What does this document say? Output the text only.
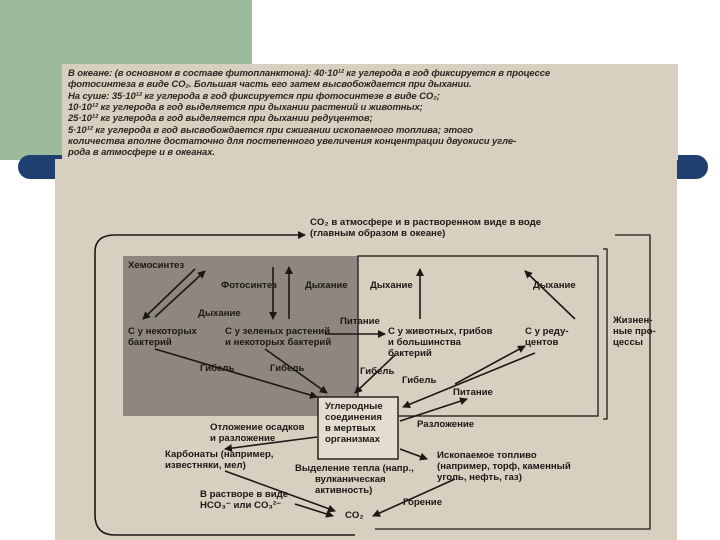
В океане: (в основном в составе фитопланктона): 40·10¹² кг углерода в год фиксируется в процессе
фотосинтеза в виде CO₂. Большая часть его затем высвобождается при дыхании.
На суше: 35·10¹² кг углерода в год фиксируется при фотосинтезе в виде CO₂;
10·10¹² кг углерода в год выделяется при дыхании растений и животных;
25·10¹² кг углерода в год выделяется при дыхании редуцентов;
5·10¹² кг углерода в год высвобождается при сжигании ископаемого топлива; этого
количества вполне достаточно для постепенного увеличения концентрации двуокиси угле-
рода в атмосфере и в океанах.
CO₂ в атмосфере и в растворенном виде в воде
(главным образом в океане)
Хемосинтез
Фотосинтез	Дыхание Дыхание	Дыхание
Дыхание
Питание
С у некоторых
бактерий
С у зеленых растений
и некоторых бактерий
С у животных, грибов
и большинства
бактерий
С у реду-
центов
Жизнен-
ные про-
цессы
Гибель	Гибель	Гибель
Гибель
Питание
Углеродные
соединения
в мертвых
организмах
Отложение осадков
и разложение
Разложение
Карбонаты (например,
известняки, мел)
Ископаемое топливо
(например, торф, каменный
уголь, нефть, газ)
Выделение тепла (напр.,
вулканическая
активность)
В растворе в виде
HCO₃⁻ или CO₃²⁻	Горение
CO₂
